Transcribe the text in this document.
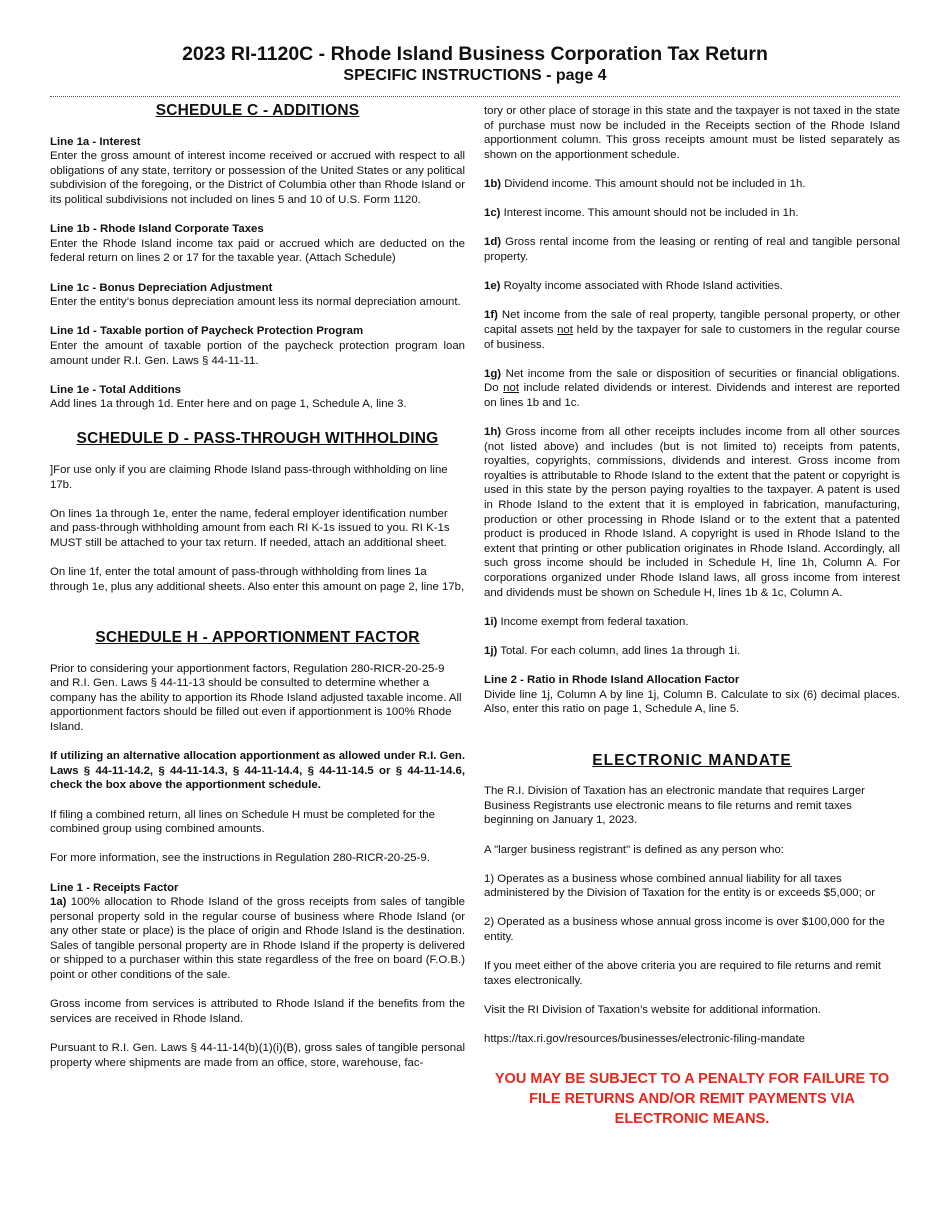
2023 RI-1120C - Rhode Island Business Corporation Tax Return
SPECIFIC INSTRUCTIONS - page 4
SCHEDULE C - ADDITIONS

Line 1a - Interest
Enter the gross amount of interest income received or accrued with respect to all obligations of any state, territory or possession of the United States or any political subdivision of the foregoing, or the District of Columbia other than Rhode Island or its political subdivisions not included on lines 5 and 10 of U.S. Form 1120.

Line 1b - Rhode Island Corporate Taxes
Enter the Rhode Island income tax paid or accrued which are deducted on the federal return on lines 2 or 17 for the taxable year. (Attach Schedule)

Line 1c - Bonus Depreciation Adjustment
Enter the entity’s bonus depreciation amount less its normal depreciation amount.

Line 1d - Taxable portion of Paycheck Protection Program
Enter the amount of taxable portion of the paycheck protection program loan amount under R.I. Gen. Laws § 44-11-11.

Line 1e - Total Additions
Add lines 1a through 1d. Enter here and on page 1, Schedule A, line 3.

SCHEDULE D - PASS-THROUGH WITHHOLDING

]For use only if you are claiming Rhode Island pass-through withholding on line 17b.

On lines 1a through 1e, enter the name, federal employer identification number and pass-through withholding amount from each RI K-1s issued to you. RI K-1s MUST still be attached to your tax return. If needed, attach an additional sheet.

On line 1f, enter the total amount of pass-through withholding from lines 1a through 1e, plus any additional sheets. Also enter this amount on page 2, line 17b,

SCHEDULE H - APPORTIONMENT FACTOR

Prior to considering your apportionment factors, Regulation 280-RICR-20-25-9 and R.I. Gen. Laws § 44-11-13 should be consulted to determine whether a company has the ability to apportion its Rhode Island adjusted taxable income. All apportionment factors should be filled out even if apportionment is 100% Rhode Island.

If utilizing an alternative allocation apportionment as allowed under R.I. Gen. Laws § 44-11-14.2, § 44-11-14.3, § 44-11-14.4, § 44-11-14.5 or § 44-11-14.6, check the box above the apportionment schedule.

If filing a combined return, all lines on Schedule H must be completed for the combined group using combined amounts.

For more information, see the instructions in Regulation 280-RICR-20-25-9.

Line 1 - Receipts Factor
1a) 100% allocation to Rhode Island of the gross receipts from sales of tangible personal property sold in the regular course of business where Rhode Island (or any other state or place) is the place of origin and Rhode Island is the destination. Sales of tangible personal property are in Rhode Island if the property is delivered or shipped to a purchaser within this state regardless of the free on board (F.O.B.) point or other conditions of the sale.

Gross income from services is attributed to Rhode Island if the benefits from the services are received in Rhode Island.

Pursuant to R.I. Gen. Laws § 44-11-14(b)(1)(i)(B), gross sales of tangible personal property where shipments are made from an office, store, warehouse, fac-

tory or other place of storage in this state and the taxpayer is not taxed in the state of purchase must now be included in the Receipts section of the Rhode Island apportionment column. This gross receipts amount must be listed separately as shown on the apportionment schedule.

1b) Dividend income. This amount should not be included in 1h.

1c) Interest income. This amount should not be included in 1h.

1d) Gross rental income from the leasing or renting of real and tangible personal property.

1e) Royalty income associated with Rhode Island activities.

1f) Net income from the sale of real property, tangible personal property, or other capital assets not held by the taxpayer for sale to customers in the regular course of business.

1g) Net income from the sale or disposition of securities or financial obligations. Do not include related dividends or interest. Dividends and interest are reported on lines 1b and 1c.

1h) Gross income from all other receipts includes income from all other sources (not listed above) and includes (but is not limited to) receipts from patents, royalties, copyrights, commissions, dividends and interest. Gross income from royalties is attributable to Rhode Island to the extent that the patent or copyright is used in this state by the person paying royalties to the taxpayer. A patent is used in Rhode Island to the extent that it is employed in fabrication, manufacturing, production or other processing in Rhode Island or to the extent that a patented product is produced in Rhode Island. A copyright is used in Rhode Island to the extent that printing or other publication originates in Rhode Island. Accordingly, all such gross income should be included in Schedule H, line 1h, Column A. For corporations organized under Rhode Island laws, all gross income from interest and dividends must be shown on Schedule H, lines 1b & 1c, Column A.

1i) Income exempt from federal taxation.

1j) Total. For each column, add lines 1a through 1i.

Line 2 - Ratio in Rhode Island Allocation Factor
Divide line 1j, Column A by line 1j, Column B. Calculate to six (6) decimal places. Also, enter this ratio on page 1, Schedule A, line 5.

ELECTRONIC MANDATE

The R.I. Division of Taxation has an electronic mandate that requires Larger Business Registrants use electronic means to file returns and remit taxes beginning on January 1, 2023.

A "larger business registrant" is defined as any person who:

1) Operates as a business whose combined annual liability for all taxes administered by the Division of Taxation for the entity is or exceeds $5,000; or

2) Operated as a business whose annual gross income is over $100,000 for the entity.

If you meet either of the above criteria you are required to file returns and remit taxes electronically.

Visit the RI Division of Taxation’s website for additional information.

https://tax.ri.gov/resources/businesses/electronic-filing-mandate

YOU MAY BE SUBJECT TO A PENALTY FOR FAILURE TO FILE RETURNS AND/OR REMIT PAYMENTS VIA ELECTRONIC MEANS.
